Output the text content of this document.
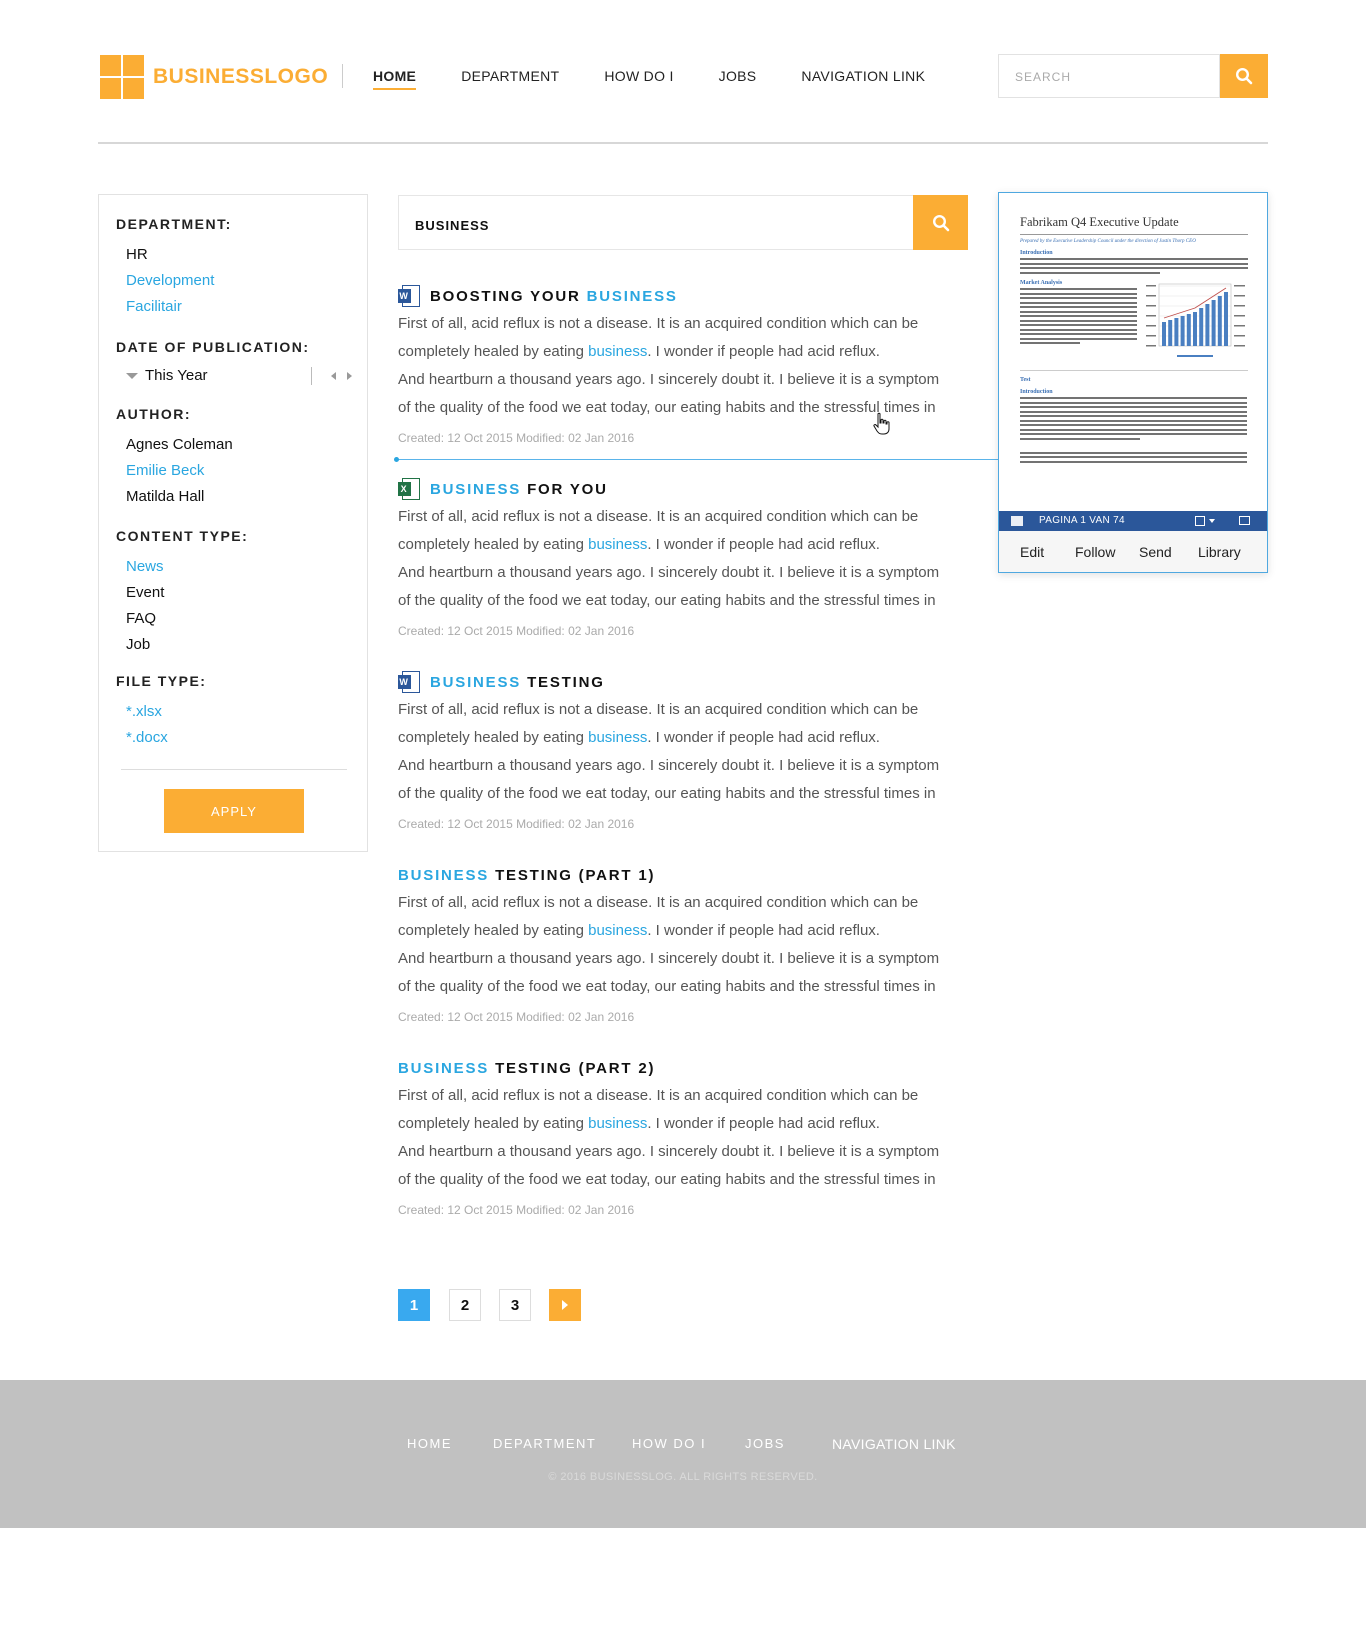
BUSINESSLOGO	HOME	DEPARTMENT	HOW DO I	JOBS	NAVIGATION LINK	SEARCH
DEPARTMENT:
HR
Development
Facilitair
DATE OF PUBLICATION:
This Year
AUTHOR:
Agnes Coleman
Emilie Beck
Matilda Hall
CONTENT TYPE:
News
Event
FAQ
Job
FILE TYPE:
*.xlsx
*.docx
APPLY
BUSINESS
W BOOSTING YOUR BUSINESS
First of all, acid reflux is not a disease. It is an acquired condition which can be
completely healed by eating business. I wonder if people had acid reflux.
And heartburn a thousand years ago. I sincerely doubt it. I believe it is a symptom
of the quality of the food we eat today, our eating habits and the stressful times in
Created: 12 Oct 2015 Modified: 02 Jan 2016
X BUSINESS FOR YOU
First of all, acid reflux is not a disease. It is an acquired condition which can be
completely healed by eating business. I wonder if people had acid reflux.
And heartburn a thousand years ago. I sincerely doubt it. I believe it is a symptom
of the quality of the food we eat today, our eating habits and the stressful times in
Created: 12 Oct 2015 Modified: 02 Jan 2016
W BUSINESS TESTING
First of all, acid reflux is not a disease. It is an acquired condition which can be
completely healed by eating business. I wonder if people had acid reflux.
And heartburn a thousand years ago. I sincerely doubt it. I believe it is a symptom
of the quality of the food we eat today, our eating habits and the stressful times in
Created: 12 Oct 2015 Modified: 02 Jan 2016
BUSINESS TESTING (PART 1)
First of all, acid reflux is not a disease. It is an acquired condition which can be
completely healed by eating business. I wonder if people had acid reflux.
And heartburn a thousand years ago. I sincerely doubt it. I believe it is a symptom
of the quality of the food we eat today, our eating habits and the stressful times in
Created: 12 Oct 2015 Modified: 02 Jan 2016
BUSINESS TESTING (PART 2)
First of all, acid reflux is not a disease. It is an acquired condition which can be
completely healed by eating business. I wonder if people had acid reflux.
And heartburn a thousand years ago. I sincerely doubt it. I believe it is a symptom
of the quality of the food we eat today, our eating habits and the stressful times in
Created: 12 Oct 2015 Modified: 02 Jan 2016
1	2	3
Fabrikam Q4 Executive Update
Prepared by the Executive Leadership Council under the direction of Justin Thorp CEO
Introduction
Market Analysis
Test
Introduction
PAGINA 1 VAN 74
Edit Follow Send Library
HOME	DEPARTMENT	HOW DO I	JOBS	NAVIGATION LINK
© 2016 BUSINESSLOG. ALL RIGHTS RESERVED.
